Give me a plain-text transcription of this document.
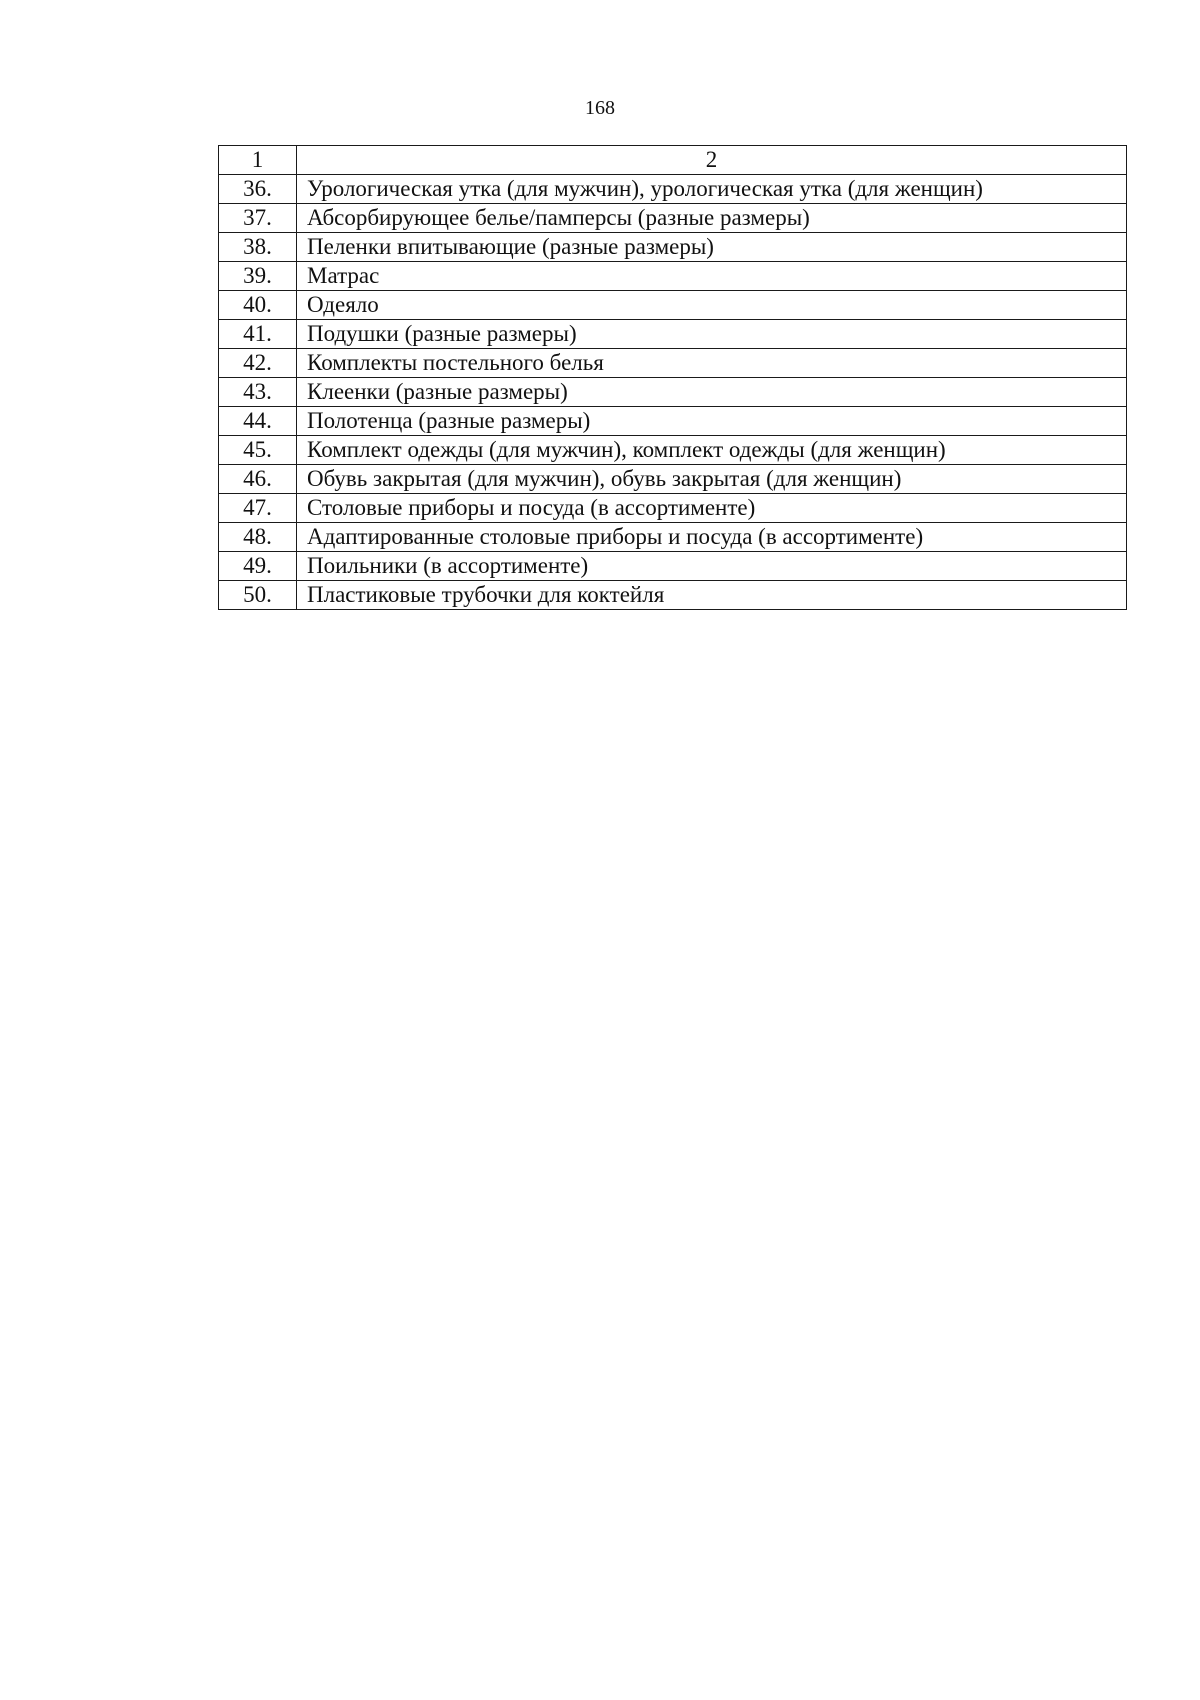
168
1	2
36.	Урологическая утка (для мужчин), урологическая утка (для женщин)
37.	Абсорбирующее белье/памперсы (разные размеры)
38.	Пеленки впитывающие (разные размеры)
39.	Матрас
40.	Одеяло
41.	Подушки (разные размеры)
42.	Комплекты постельного белья
43.	Клеенки (разные размеры)
44.	Полотенца (разные размеры)
45.	Комплект одежды (для мужчин), комплект одежды (для женщин)
46.	Обувь закрытая (для мужчин), обувь закрытая (для женщин)
47.	Столовые приборы и посуда (в ассортименте)
48.	Адаптированные столовые приборы и посуда (в ассортименте)
49.	Поильники (в ассортименте)
50.	Пластиковые трубочки для коктейля
